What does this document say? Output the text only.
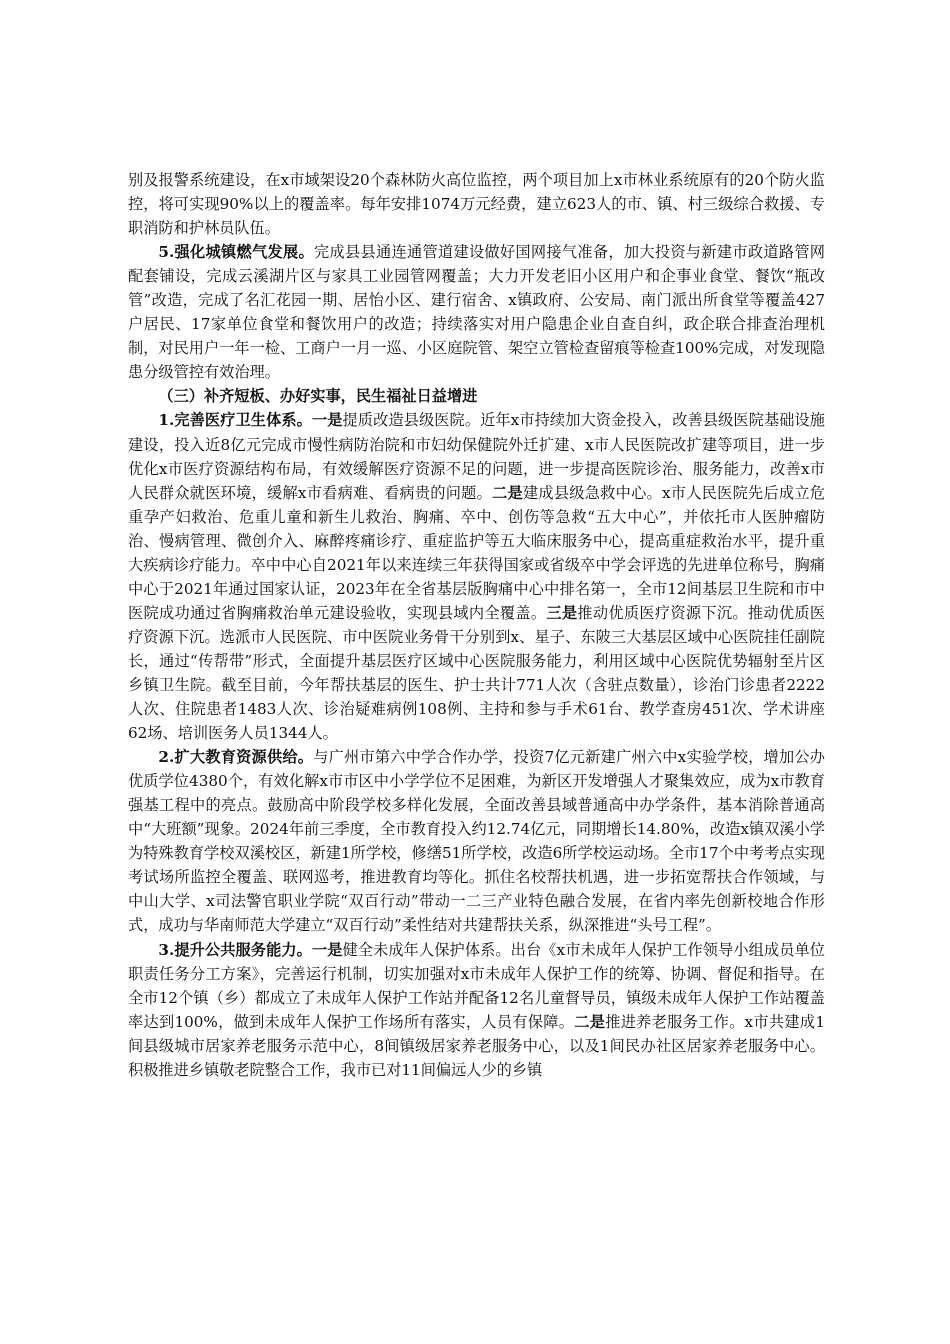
别及报警系统建设，在x市域架设20个森林防火高位监控，两个项目加上x市林业系统原有的20个防火监控，将可实现90%以上的覆盖率。每年安排1074万元经费，建立623人的市、镇、村三级综合救援、专职消防和护林员队伍。

5.强化城镇燃气发展。完成县县通连通管道建设做好国网接气准备，加大投资与新建市政道路管网配套铺设，完成云溪湖片区与家具工业园管网覆盖；大力开发老旧小区用户和企事业食堂、餐饮“瓶改管”改造，完成了名汇花园一期、居怡小区、建行宿舍、x镇政府、公安局、南门派出所食堂等覆盖427户居民、17家单位食堂和餐饮用户的改造；持续落实对用户隐患企业自查自纠，政企联合排查治理机制，对民用户一年一检、工商户一月一巡、小区庭院管、架空立管检查留痕等检查100%完成，对发现隐患分级管控有效治理。

（三）补齐短板、办好实事，民生福祉日益增进

1.完善医疗卫生体系。一是提质改造县级医院。近年x市持续加大资金投入，改善县级医院基础设施建设，投入近8亿元完成市慢性病防治院和市妇幼保健院外迁扩建、x市人民医院改扩建等项目，进一步优化x市医疗资源结构布局，有效缓解医疗资源不足的问题，进一步提高医院诊治、服务能力，改善x市人民群众就医环境，缓解x市看病难、看病贵的问题。二是建成县级急救中心。x市人民医院先后成立危重孕产妇救治、危重儿童和新生儿救治、胸痛、卒中、创伤等急救“五大中心”，并依托市人医肿瘤防治、慢病管理、微创介入、麻醉疼痛诊疗、重症监护等五大临床服务中心，提高重症救治水平，提升重大疾病诊疗能力。卒中中心自2021年以来连续三年获得国家或省级卒中学会评选的先进单位称号，胸痛中心于2021年通过国家认证，2023年在全省基层版胸痛中心中排名第一，全市12间基层卫生院和市中医院成功通过省胸痛救治单元建设验收，实现县域内全覆盖。三是推动优质医疗资源下沉。推动优质医疗资源下沉。选派市人民医院、市中医院业务骨干分别到x、星子、东陂三大基层区域中心医院挂任副院长，通过“传帮带”形式，全面提升基层医疗区域中心医院服务能力，利用区域中心医院优势辐射至片区乡镇卫生院。截至目前，今年帮扶基层的医生、护士共计771人次（含驻点数量），诊治门诊患者2222人次、住院患者1483人次、诊治疑难病例108例、主持和参与手术61台、教学查房451次、学术讲座62场、培训医务人员1344人。

2.扩大教育资源供给。与广州市第六中学合作办学，投资7亿元新建广州六中x实验学校，增加公办优质学位4380个，有效化解x市市区中小学学位不足困难，为新区开发增强人才聚集效应，成为x市教育强基工程中的亮点。鼓励高中阶段学校多样化发展，全面改善县域普通高中办学条件，基本消除普通高中“大班额”现象。2024年前三季度，全市教育投入约12.74亿元，同期增长14.80%，改造x镇双溪小学为特殊教育学校双溪校区，新建1所学校，修缮51所学校，改造6所学校运动场。全市17个中考考点实现考试场所监控全覆盖、联网巡考，推进教育均等化。抓住名校帮扶机遇，进一步拓宽帮扶合作领域，与中山大学、x司法警官职业学院“双百行动”带动一二三产业特色融合发展，在省内率先创新校地合作形式，成功与华南师范大学建立“双百行动”柔性结对共建帮扶关系，纵深推进“头号工程”。

3.提升公共服务能力。一是健全未成年人保护体系。出台《x市未成年人保护工作领导小组成员单位职责任务分工方案》，完善运行机制，切实加强对x市未成年人保护工作的统筹、协调、督促和指导。在全市12个镇（乡）都成立了未成年人保护工作站并配备12名儿童督导员，镇级未成年人保护工作站覆盖率达到100%，做到未成年人保护工作场所有落实，人员有保障。二是推进养老服务工作。x市共建成1间县级城市居家养老服务示范中心，8间镇级居家养老服务中心，以及1间民办社区居家养老服务中心。积极推进乡镇敬老院整合工作，我市已对11间偏远人少的乡镇
